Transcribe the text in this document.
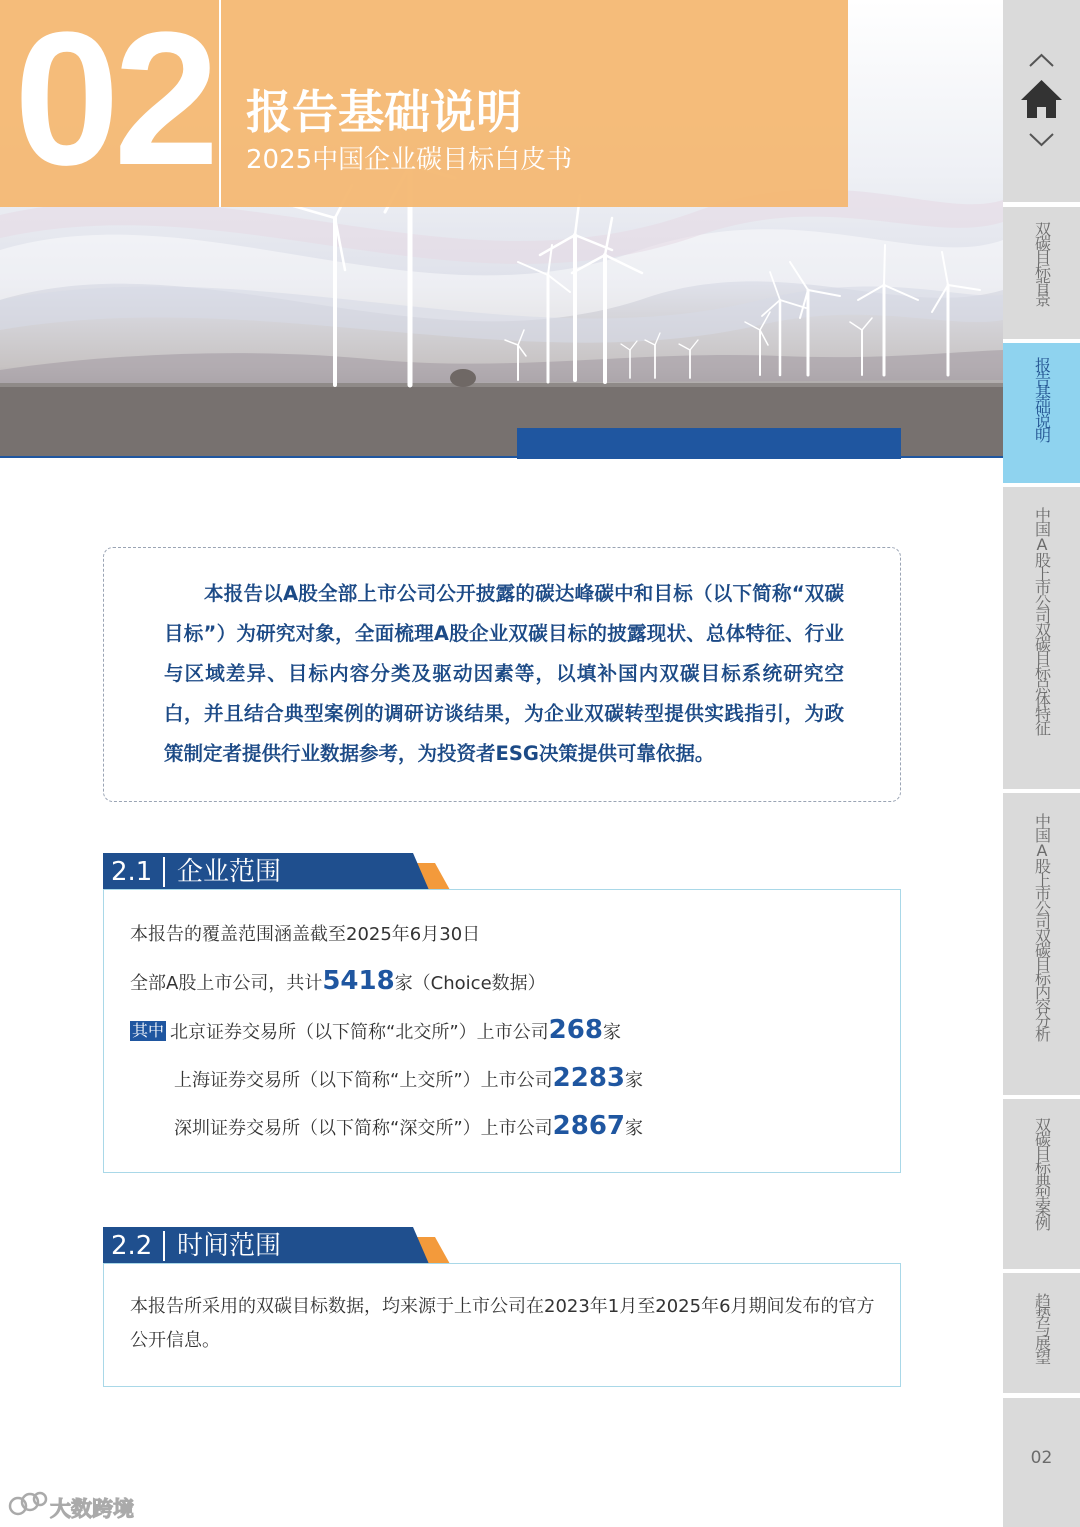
02 报告基础说明
2025中国企业碳目标白皮书
双碳目标背景
报告基础说明
中国A股上市公司双碳目标总体特征
中国A股上市公司双碳目标内容分析
双碳目标典型案例
趋势与展望
02

本报告以A股全部上市公司公开披露的碳达峰碳中和目标（以下简称“双碳目标”）为研究对象，全面梳理A股企业双碳目标的披露现状、总体特征、行业与区域差异、目标内容分类及驱动因素等，以填补国内双碳目标系统研究空白，并且结合典型案例的调研访谈结果，为企业双碳转型提供实践指引，为政策制定者提供行业数据参考，为投资者ESG决策提供可靠依据。

2.1 企业范围
本报告的覆盖范围涵盖截至2025年6月30日
全部A股上市公司，共计5418家（Choice数据）
其中 北京证券交易所（以下简称“北交所”）上市公司268家
上海证券交易所（以下简称“上交所”）上市公司2283家
深圳证券交易所（以下简称“深交所”）上市公司2867家
2.2 时间范围

本报告所采用的双碳目标数据，均来源于上市公司在2023年1月至2025年6月期间发布的官方公开信息。

大数跨境
